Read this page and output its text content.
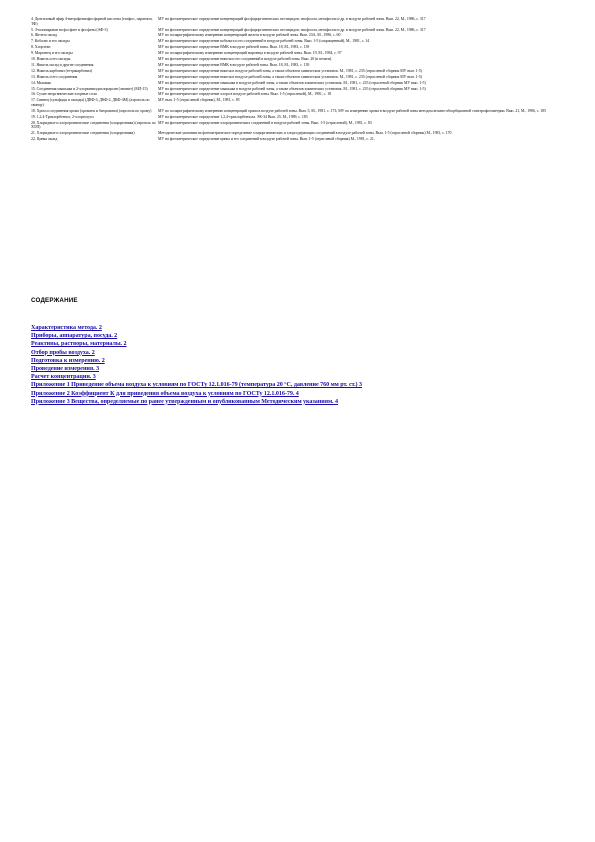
4. Диэтиловый эфир 4-нитрофенилфосфорной кислоты (тиофос, паратион, ТФ)	МУ на фотометрическое определение концентраций фосфорорганических пестицидов, тиофосом, метафосом и др. в воздухе рабочей зоны. Вып. 22, М., 1986, с. 317
5. Эталонирован на фосфате и фосфаты (АФ-3)	МУ на фотометрическое определение концентраций фосфорорганических пестицидов, тиофосом, метафосом и др. в воздухе рабочей зоны. Вып. 22, М., 1986, с. 317
6. Железо оксид	МУ по полярографическому измерению концентраций железа в воздухе рабочей зоны. Вып. 23А, М., 1986, с. 60
7. Кобальт и его оксиды	МУ на фотометрическое определение кобальта и его соединений в воздухе рабочей зоны. Вып. 1-5 (сокращенный), М., 1981, с. 14
8. Хлорэтан	МУ на фотометрическое определение ВМК в воздухе рабочей зоны. Вып. 18, М., 1983, с. 139
9. Марганец и его оксиды	МУ по полярографическому измерению концентраций марганца в воздухе рабочей зоны. Вып. 19, М., 1984, с. 97
10. Никель и его оксиды	МУ на фотометрическое определение никеля и его соединений в воздухе рабочей зоны. Вып. 20 (в печати).
11. Никель оксид и другие соединения	МУ на фотометрическое определение ВМК в воздухе рабочей зоны. Вып. 18, М., 1983, с. 139
12. Никель карбонил (тетракарбонил)	МУ на фотометрическое определение никеля в воздухе рабочей зоны, а также объектов химических установок. М., 1981, с. 235 (отраслевой сборник МУ вып. 1-5)
13. Никель и его соединения	МУ на фотометрическое определение никеля в воздухе рабочей зоны, а также объектов химических установок. М., 1981, с. 235 (отраслевой сборник МУ вып. 1-5)
14. Мышьяк	МУ на фотометрическое определение мышьяка в воздухе рабочей зоны, а также объектов химических установок. М., 1981, с. 235 (отраслевой сборник МУ вып. 1-5)
15. Соединения мышьяка и 2-хлорвинилдихлорарсин (люизит) (МЛ-15)	МУ на фотометрическое определение мышьяка в воздухе рабочей зоны, а также объектов химических установок. М., 1981, с. 235 (отраслевой сборник МУ вып. 1-5)
16. Сухие неорганические хлорные соли	МУ на фотометрическое определение хлора в воздухе рабочей зоны. Вып. 1-5 (отраслевой), М., 1981, с. 18
17. Свинец (сульфиды и оксиды) (ДКФ-3, ДКФ-2, ДКФ-4М) (аэрозоль по свинцу)	МУ, вып. 1-5 (отраслевой сборник), М., 1981, с. 85
18. Хром и соединения хрома (хроматы и бихроматы) (аэрозоль по хрому)	МУ по полярографическому измерению концентраций хрома в воздухе рабочей зоны. Вып. 5, М., 1981, с. 173; МУ по измерению хрома в воздухе рабочей зоны методом атомно-абсорбционной спектрофотометрии. Вып. 21, М., 1986, с. 185
19. 1,2,4-Трихлорбензол, 2-хлортолуол	МУ на фотометрическое определение 1,2,4-трихлорбензола. ЭК-34 Вып. 25, М., 1989, с. 183
20. Хлоридные и хлорорганические соединения (хлорорганика) (аэрозоль по ХОП)	МУ на фотометрическое определение хлорорганических соединений в воздухе рабочей зоны. Вып. 1-5 (отраслевой), М., 1981, с. 83
21. Хлоридные и хлорорганические соединения (хлорорганика)	Методические указания на фотометрическое определение хлорорганических и хлорсодержащих соединений в воздухе рабочей зоны. Вып. 1-5 (отраслевой сборник) М., 1981, с. 170
22. Цинка оксид	МУ на фотометрическое определение цинка и его соединений в воздухе рабочей зоны. Вып. 1-5 (отраслевой сборник) М., 1981, с. 21.
СОДЕРЖАНИЕ
Характеристика метода. 2
Приборы, аппаратура, посуда. 2
Реактивы, растворы, материалы. 2
Отбор пробы воздуха. 2
Подготовка к измерению. 2
Проведение измерения. 3
Расчет концентрации. 3
Приложение 1 Приведение объема воздуха к условиям по ГОСТу 12.1.016-79 (температура 20 °С, давление 760 мм рт. ст.) 3
Приложение 2 Коэффициент К для приведения объема воздуха к условиям по ГОСТу 12.1.016-79. 4
Приложение 3 Вещества, определяемые по ранее утвержденным и опубликованным Методическим указаниям. 4
